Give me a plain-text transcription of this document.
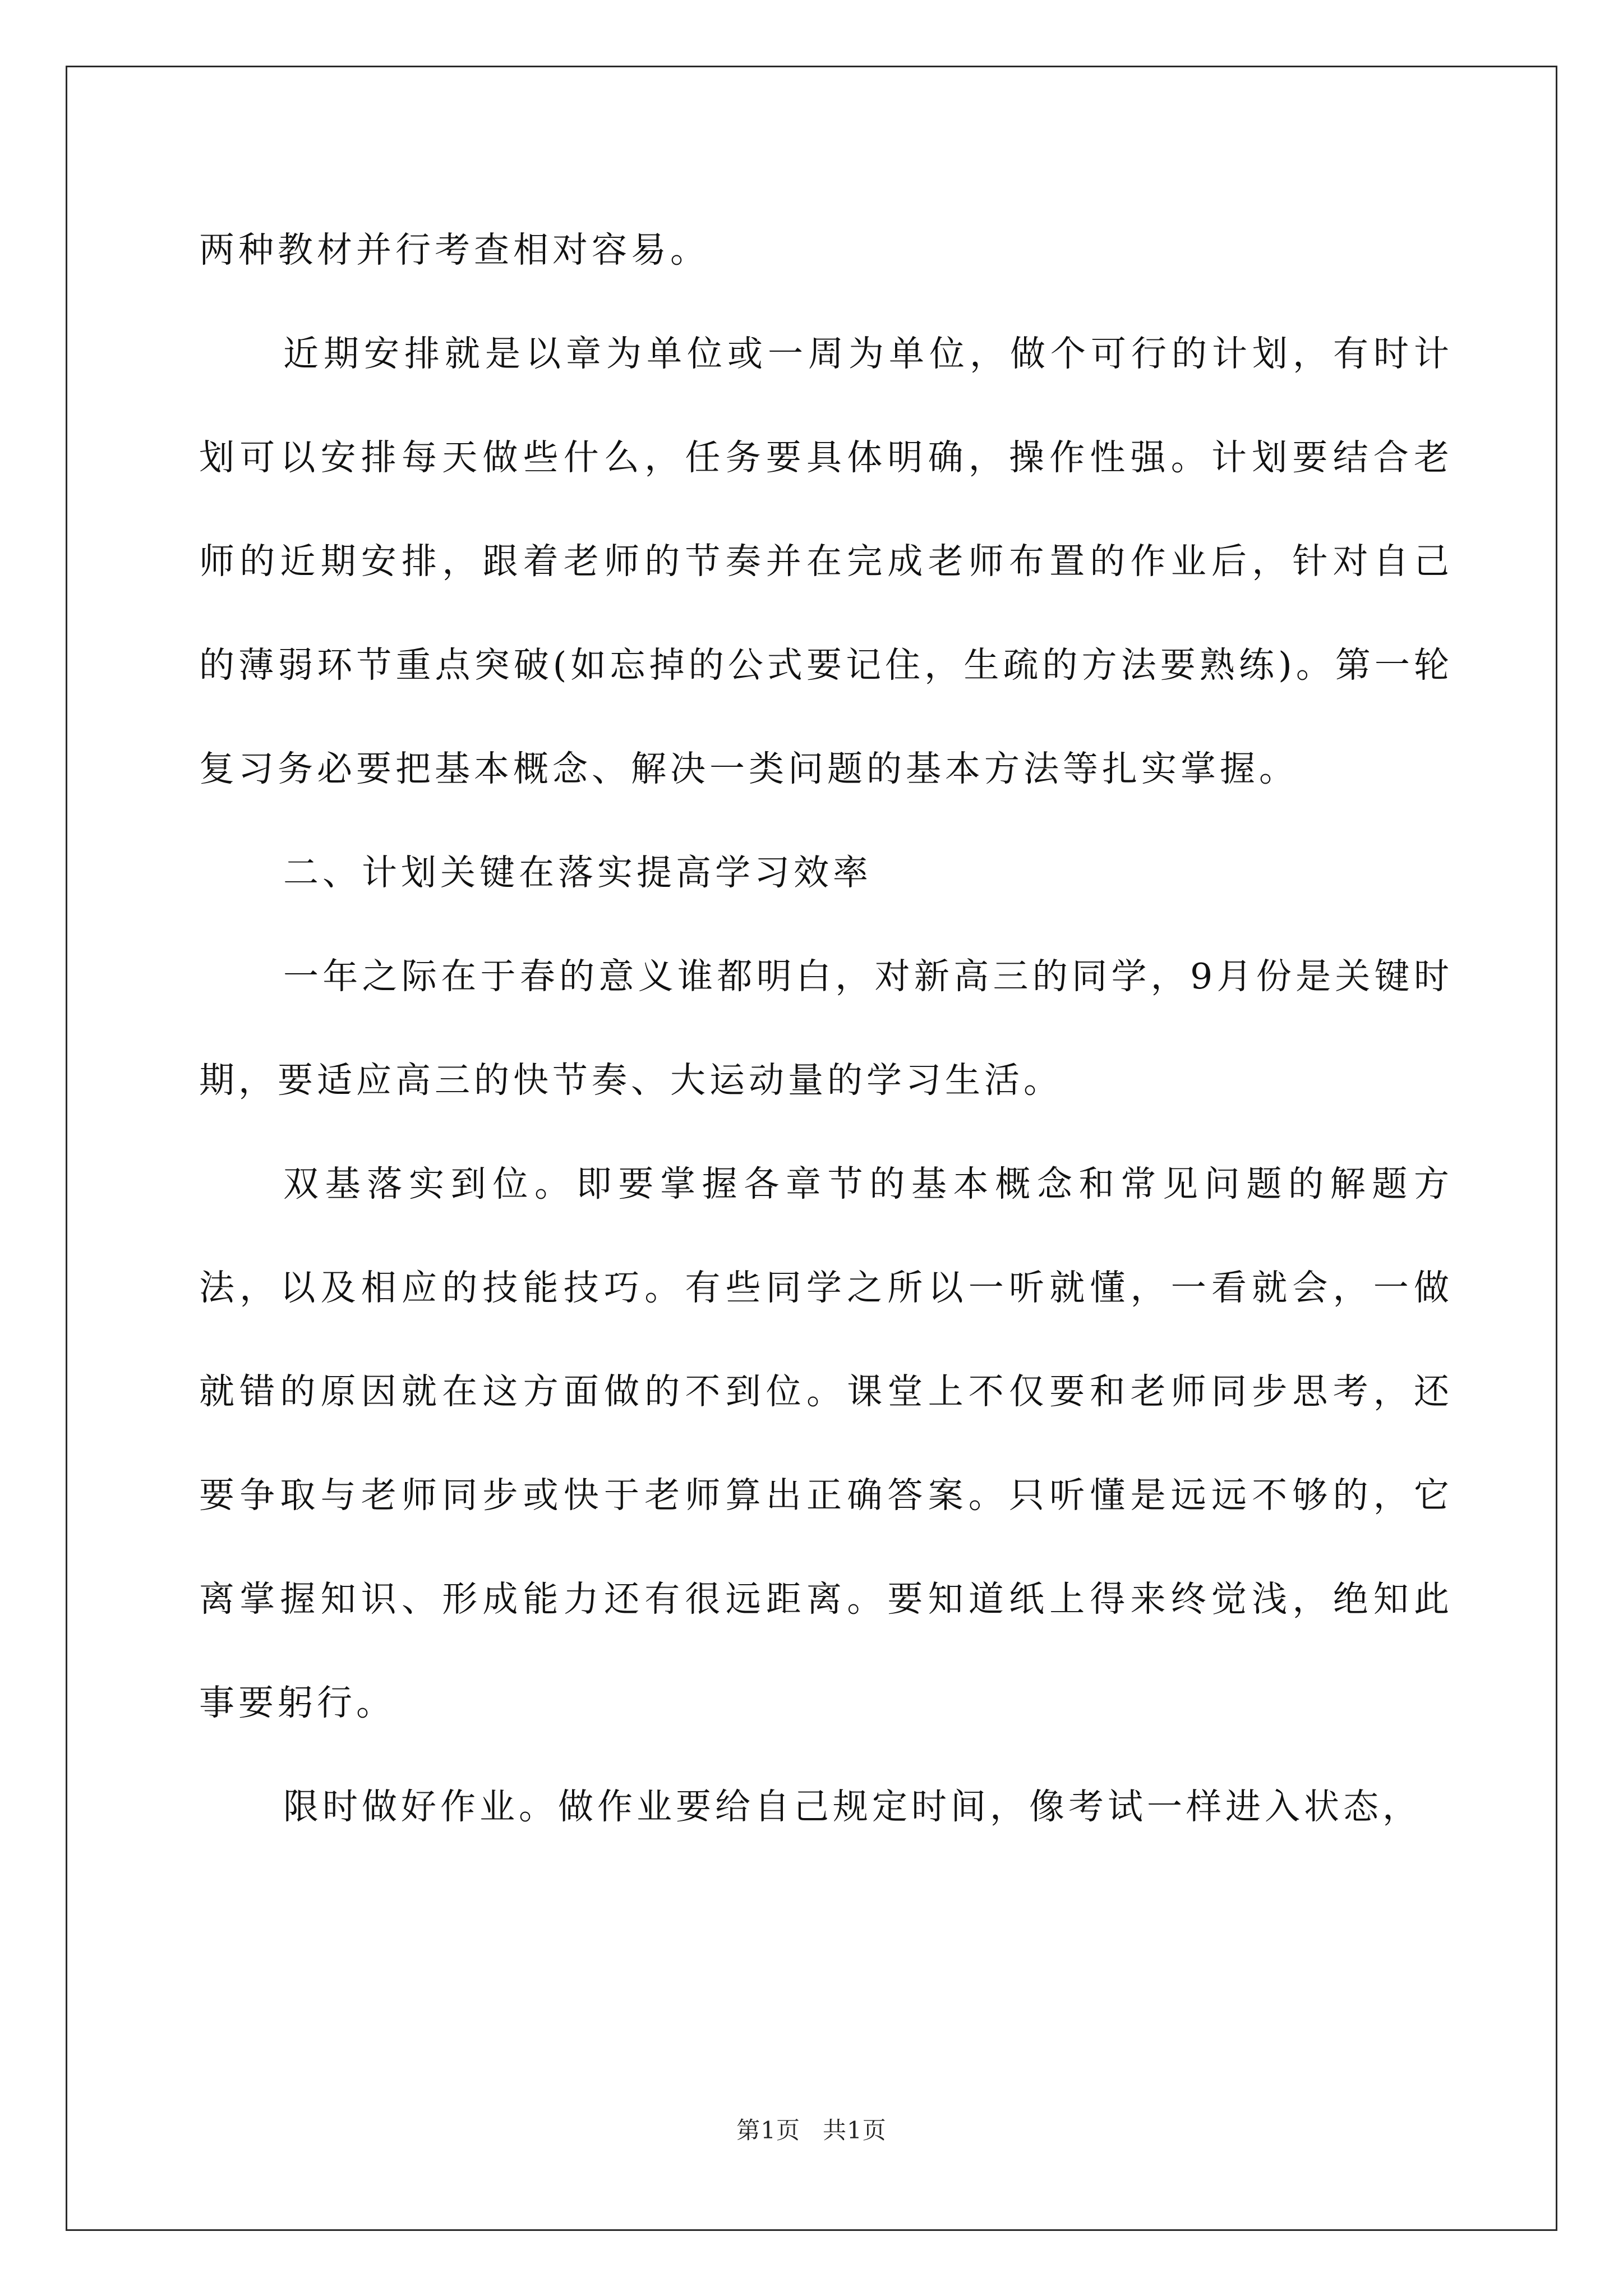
两种教材并行考查相对容易。

近期安排就是以章为单位或一周为单位，做个可行的计划，有时计划可以安排每天做些什么，任务要具体明确，操作性强。计划要结合老师的近期安排，跟着老师的节奏并在完成老师布置的作业后，针对自己的薄弱环节重点突破(如忘掉的公式要记住，生疏的方法要熟练)。第一轮复习务必要把基本概念、解决一类问题的基本方法等扎实掌握。

二、计划关键在落实提高学习效率

一年之际在于春的意义谁都明白，对新高三的同学，9月份是关键时期，要适应高三的快节奏、大运动量的学习生活。

双基落实到位。即要掌握各章节的基本概念和常见问题的解题方法，以及相应的技能技巧。有些同学之所以一听就懂，一看就会，一做就错的原因就在这方面做的不到位。课堂上不仅要和老师同步思考，还要争取与老师同步或快于老师算出正确答案。只听懂是远远不够的，它离掌握知识、形成能力还有很远距离。要知道纸上得来终觉浅，绝知此事要躬行。

限时做好作业。做作业要给自己规定时间，像考试一样进入状态，

第1页 共1页
